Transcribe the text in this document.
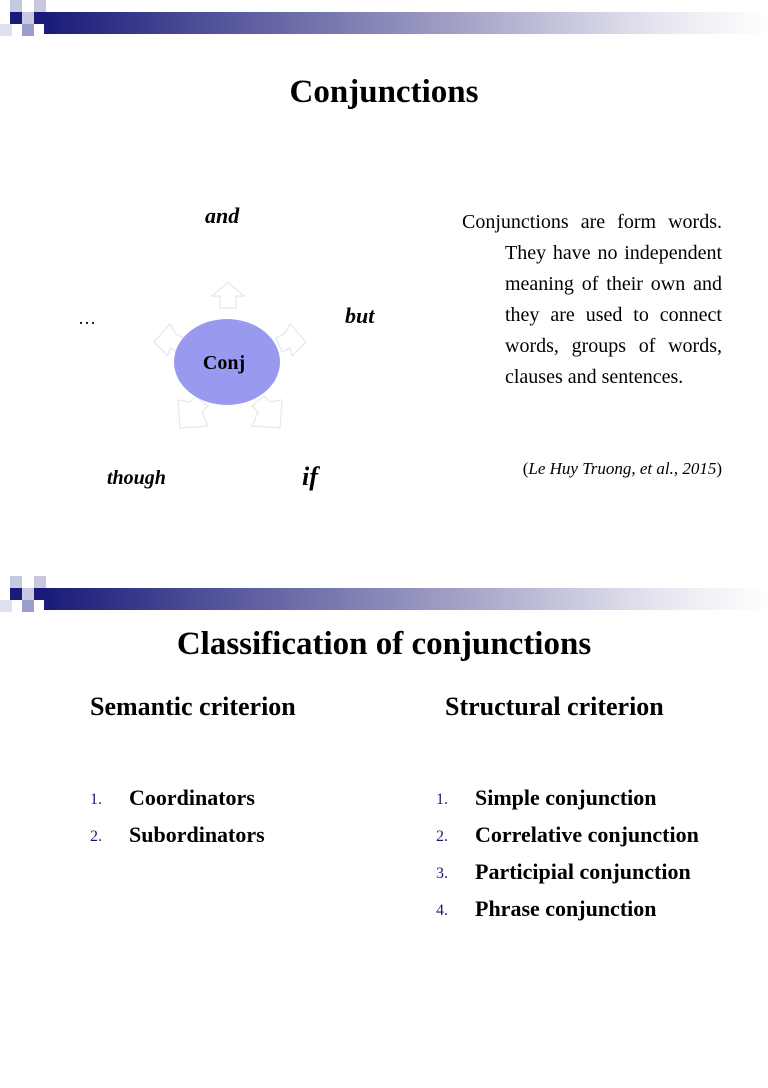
Conjunctions
and
but
though	if
…
Conj

Conjunctions are form words. They have no independent meaning of their own and they are used to connect words, groups of words, clauses and sentences.

(Le Huy Truong, et al., 2015)
Classification of conjunctions
Semantic criterion	Structural criterion
1. Coordinators
2. Subordinators
1. Simple conjunction
2. Correlative conjunction
3. Participial conjunction
4. Phrase conjunction
